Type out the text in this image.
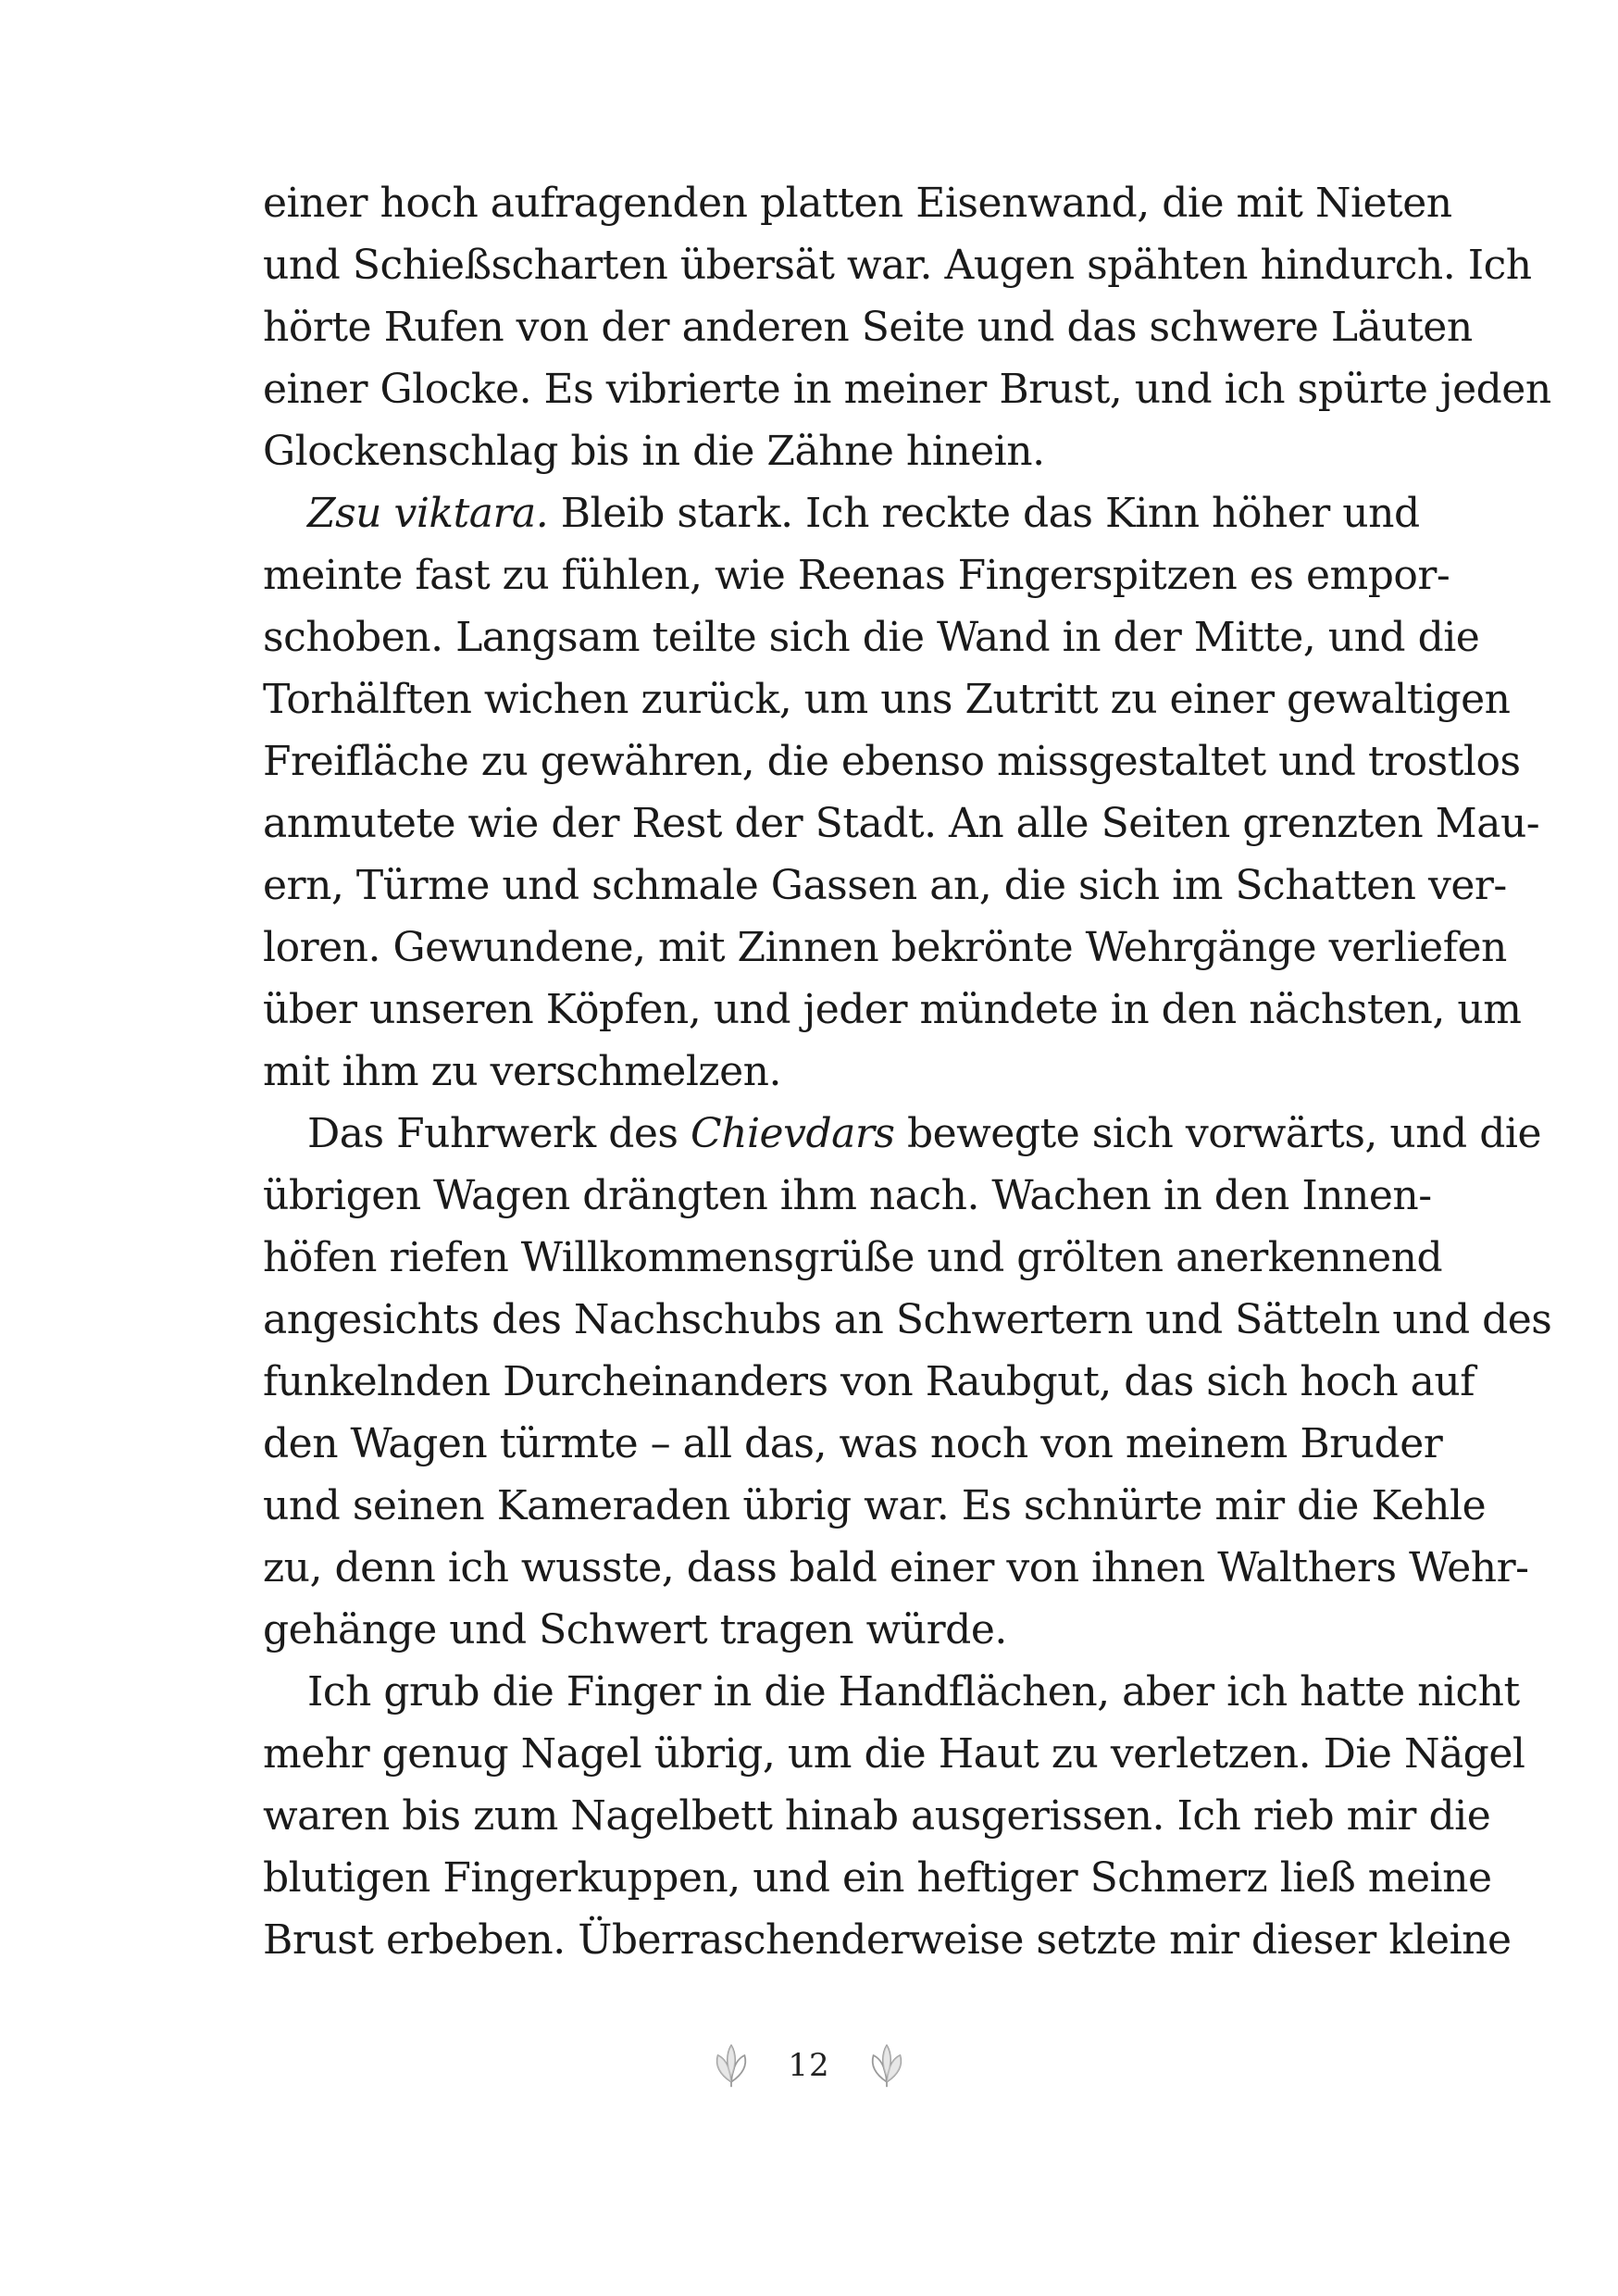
einer hoch aufragenden platten Eisenwand, die mit Nieten
und Schießscharten übersät war. Augen spähten hindurch. Ich
hörte Rufen von der anderen Seite und das schwere Läuten
einer Glocke. Es vibrierte in meiner Brust, und ich spürte jeden
Glockenschlag bis in die Zähne hinein.
Zsu viktara. Bleib stark. Ich reckte das Kinn höher und
meinte fast zu fühlen, wie Reenas Fingerspitzen es empor-
schoben. Langsam teilte sich die Wand in der Mitte, und die
Torhälften wichen zurück, um uns Zutritt zu einer gewaltigen
Freifläche zu gewähren, die ebenso missgestaltet und trostlos
anmutete wie der Rest der Stadt. An alle Seiten grenzten Mau-
ern, Türme und schmale Gassen an, die sich im Schatten ver-
loren. Gewundene, mit Zinnen bekrönte Wehrgänge verliefen
über unseren Köpfen, und jeder mündete in den nächsten, um
mit ihm zu verschmelzen.
Das Fuhrwerk des Chievdars bewegte sich vorwärts, und die
übrigen Wagen drängten ihm nach. Wachen in den Innen-
höfen riefen Willkommensgrüße und grölten anerkennend
angesichts des Nachschubs an Schwertern und Sätteln und des
funkelnden Durcheinanders von Raubgut, das sich hoch auf
den Wagen türmte – all das, was noch von meinem Bruder
und seinen Kameraden übrig war. Es schnürte mir die Kehle
zu, denn ich wusste, dass bald einer von ihnen Walthers Wehr-
gehänge und Schwert tragen würde.
Ich grub die Finger in die Handflächen, aber ich hatte nicht
mehr genug Nagel übrig, um die Haut zu verletzen. Die Nägel
waren bis zum Nagelbett hinab ausgerissen. Ich rieb mir die
blutigen Fingerkuppen, und ein heftiger Schmerz ließ meine
Brust erbeben. Überraschenderweise setzte mir dieser kleine
12
